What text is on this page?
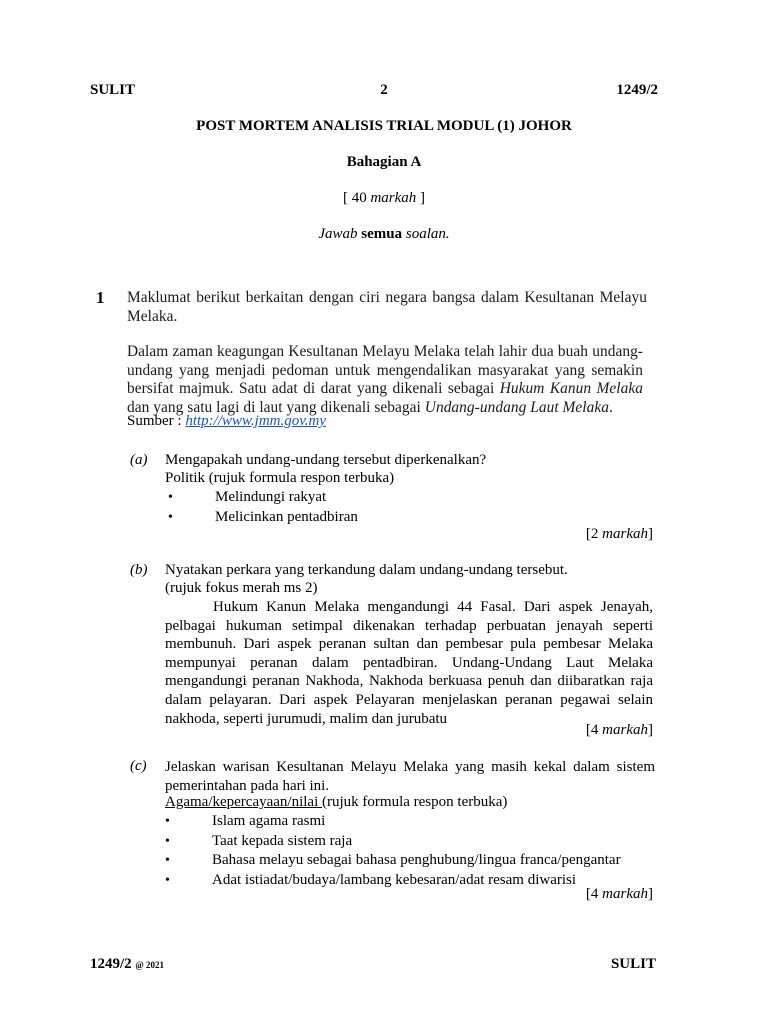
SULIT	2	1249/2
POST MORTEM ANALISIS TRIAL MODUL (1) JOHOR
Bahagian A
[ 40 markah ]
Jawab semua soalan.
1 Maklumat berikut berkaitan dengan ciri negara bangsa dalam Kesultanan Melayu Melaka.
Dalam zaman keagungan Kesultanan Melayu Melaka telah lahir dua buah undang-undang yang menjadi pedoman untuk mengendalikan masyarakat yang semakin bersifat majmuk. Satu adat di darat yang dikenali sebagai Hukum Kanun Melaka dan yang satu lagi di laut yang dikenali sebagai Undang-undang Laut Melaka.
Sumber : http://www.jmm.gov.my
(a) Mengapakah undang-undang tersebut diperkenalkan?
Politik (rujuk formula respon terbuka)
• Melindungi rakyat
• Melicinkan pentadbiran
[2 markah]
(b) Nyatakan perkara yang terkandung dalam undang-undang tersebut.
(rujuk fokus merah ms 2)
Hukum Kanun Melaka mengandungi 44 Fasal. Dari aspek Jenayah, pelbagai hukuman setimpal dikenakan terhadap perbuatan jenayah seperti membunuh. Dari aspek peranan sultan dan pembesar pula pembesar Melaka mempunyai peranan dalam pentadbiran. Undang-Undang Laut Melaka mengandungi peranan Nakhoda, Nakhoda berkuasa penuh dan diibaratkan raja dalam pelayaran. Dari aspek Pelayaran menjelaskan peranan pegawai selain nakhoda, seperti jurumudi, malim dan jurubatu
[4 markah]
(c) Jelaskan warisan Kesultanan Melayu Melaka yang masih kekal dalam sistem pemerintahan pada hari ini.
Agama/kepercayaan/nilai (rujuk formula respon terbuka)
• Islam agama rasmi
• Taat kepada sistem raja
• Bahasa melayu sebagai bahasa penghubung/lingua franca/pengantar
• Adat istiadat/budaya/lambang kebesaran/adat resam diwarisi
[4 markah]
1249/2 @ 2021	SULIT
